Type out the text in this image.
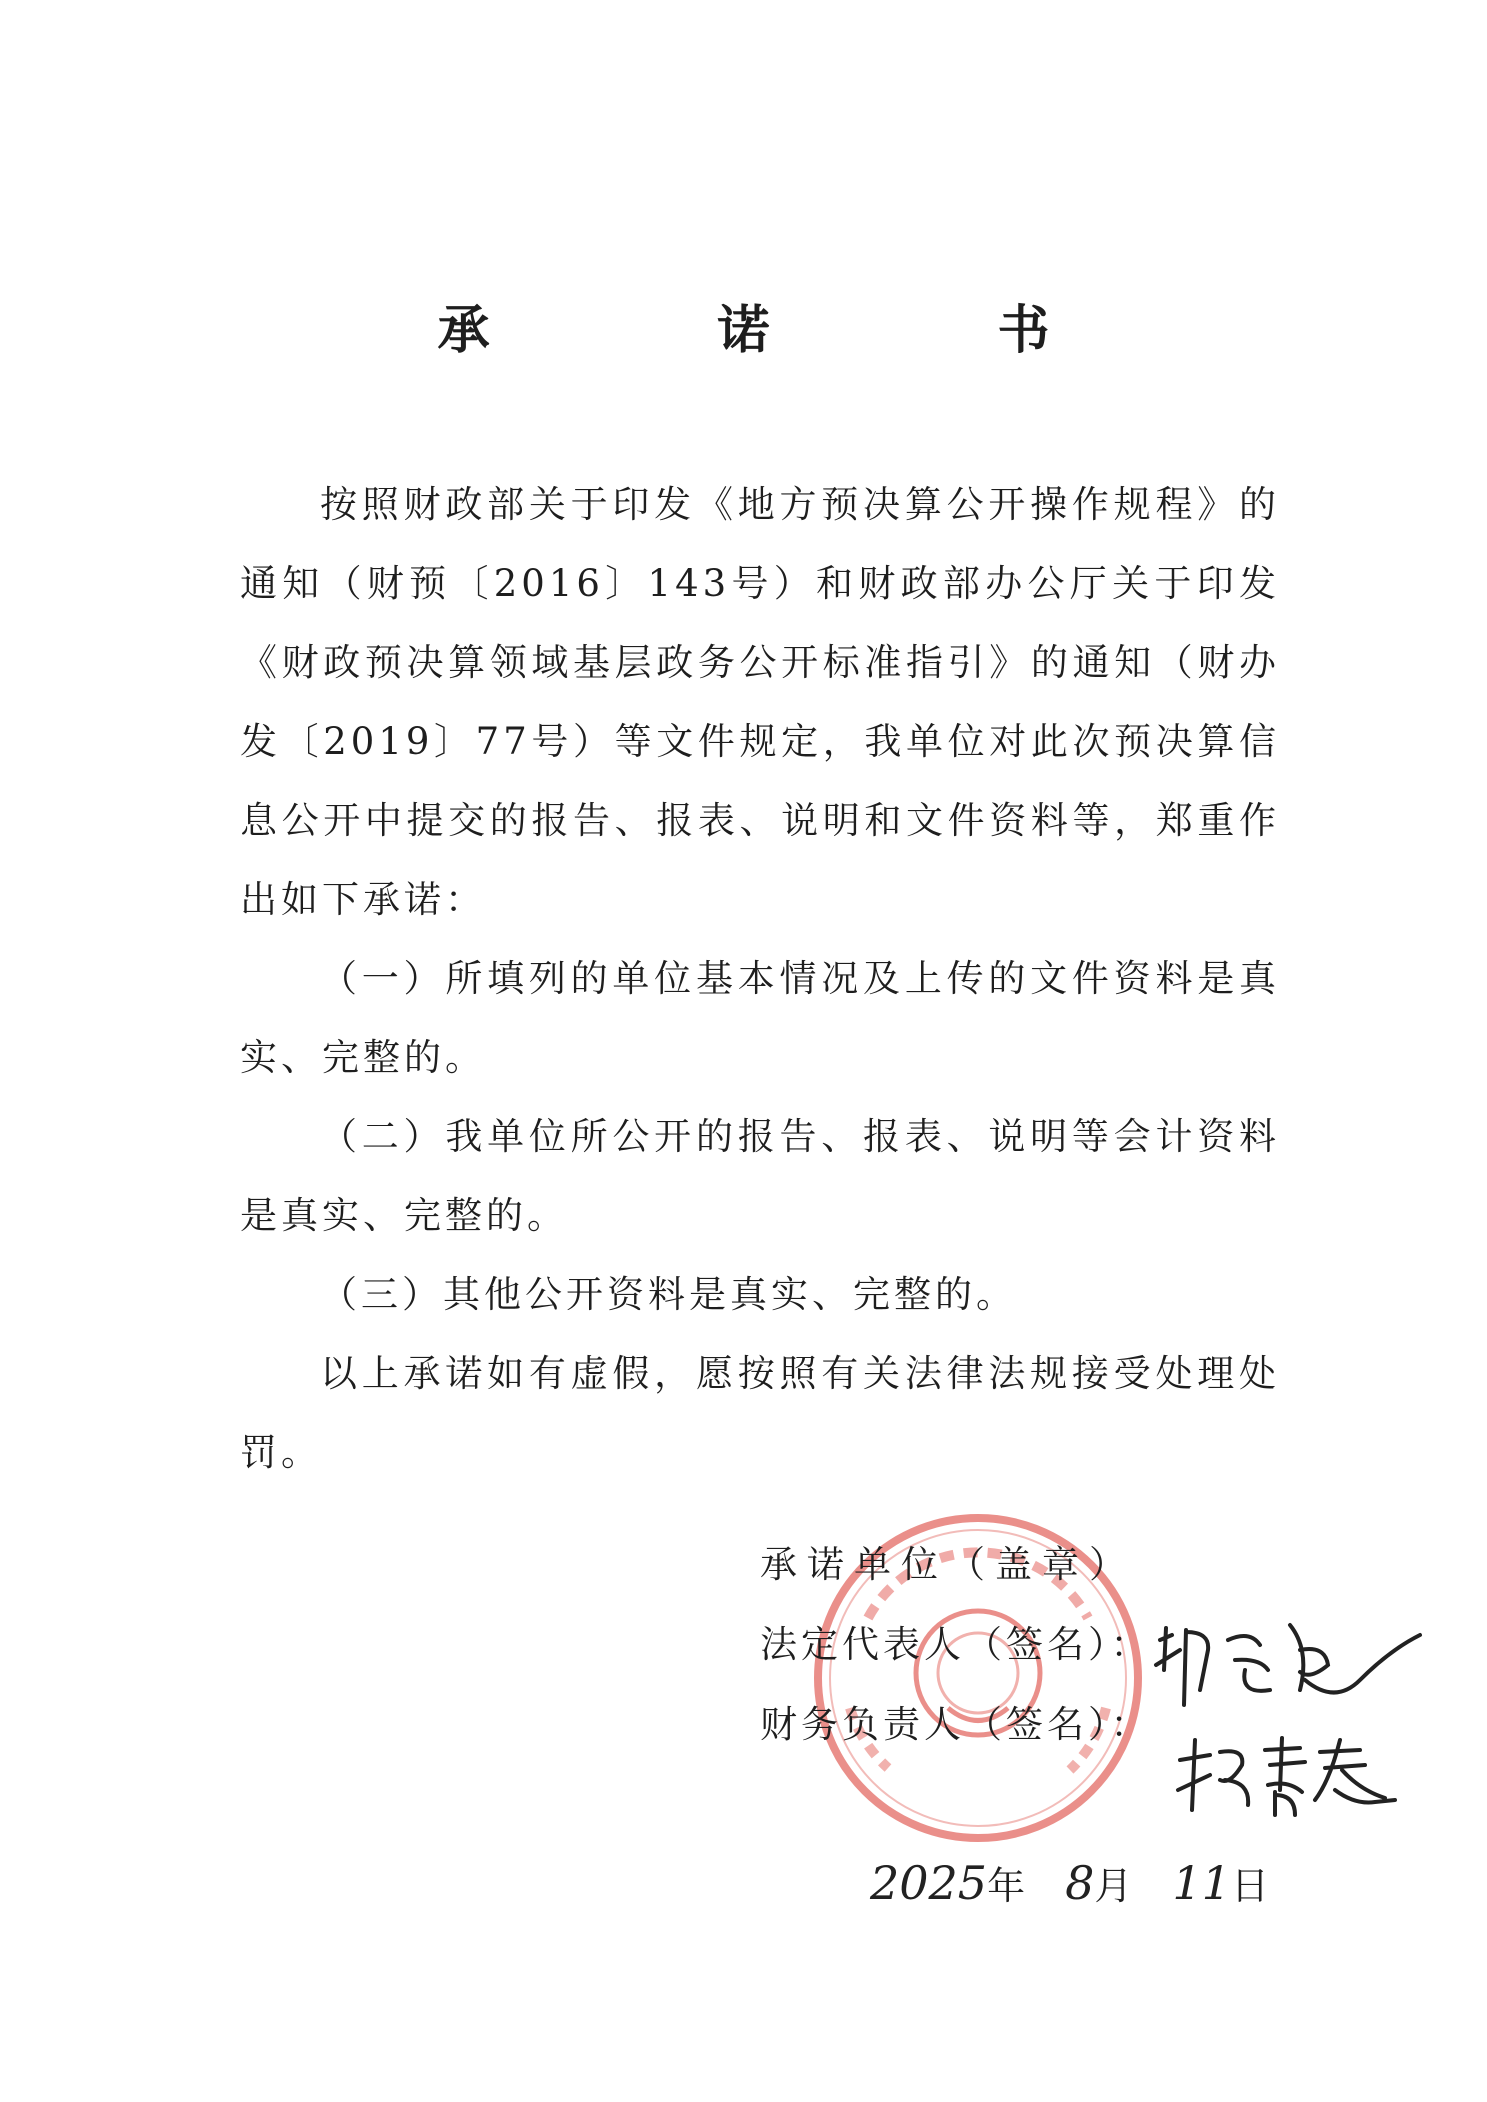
承　诺　书

按照财政部关于印发《地方预决算公开操作规程》的通知（财预〔2016〕143号）和财政部办公厅关于印发《财政预决算领域基层政务公开标准指引》的通知（财办发〔2019〕77号）等文件规定，我单位对此次预决算信息公开中提交的报告、报表、说明和文件资料等，郑重作出如下承诺：

（一）所填列的单位基本情况及上传的文件资料是真实、完整的。

（二）我单位所公开的报告、报表、说明等会计资料是真实、完整的。

（三）其他公开资料是真实、完整的。

以上承诺如有虚假，愿按照有关法律法规接受处理处罚。

承诺单位（盖章）
法定代表人（签名）：
财务负责人（签名）：
2025年 8月 11日
